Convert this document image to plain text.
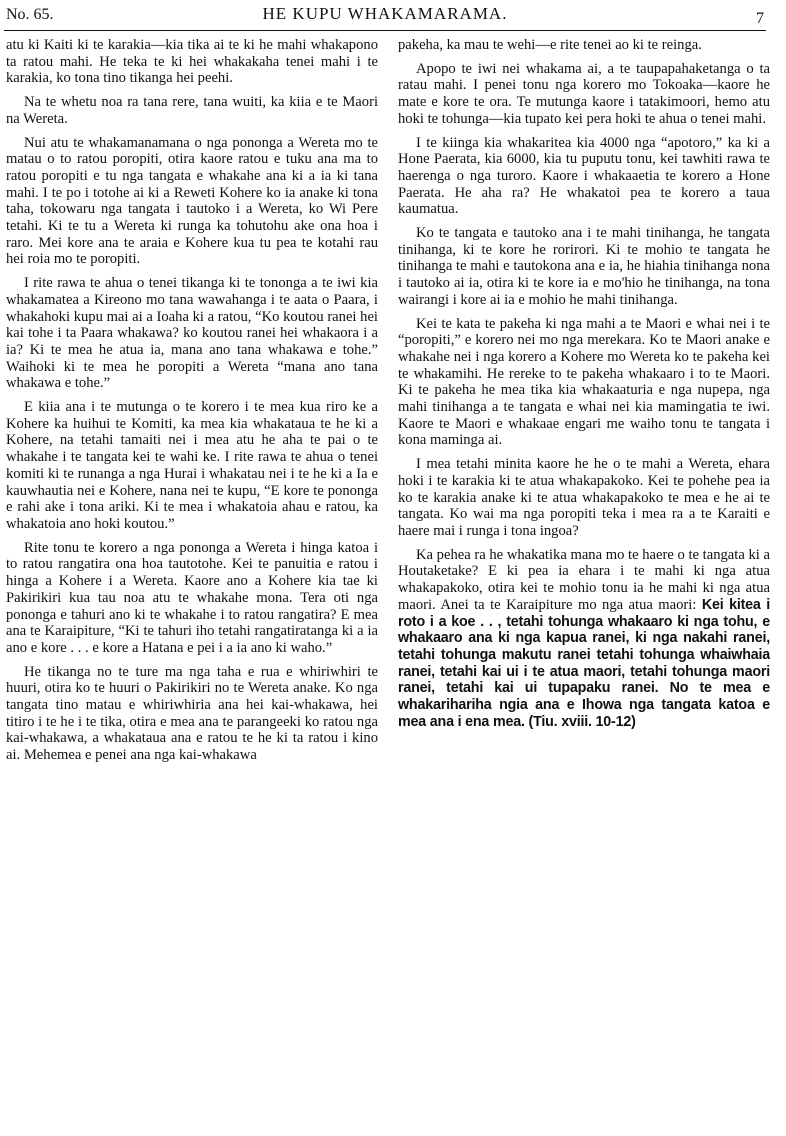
No. 65.	HE KUPU WHAKAMARAMA.	7

atu ki Kaiti ki te karakia—kia tika ai te ki he mahi whakapono ta ratou mahi. He teka te ki hei whakakaha tenei mahi i te karakia, ko tona tino tikanga hei peehi.

Na te whetu noa ra tana rere, tana wuiti, ka kiia e te Maori na Wereta.

Nui atu te whakamanamana o nga pononga a Wereta mo te matau o to ratou poropiti, otira kaore ratou e tuku ana ma to ratou poropiti e tu nga tangata e whakahe ana ki a ia ki tana mahi. I te po i totohe ai ki a Reweti Kohere ko ia anake ki tona taha, tokowaru nga tangata i tautoko i a Wereta, ko Wi Pere tetahi. Ki te tu a Wereta ki runga ka tohutohu ake ona hoa i raro. Mei kore ana te araia e Kohere kua tu pea te kotahi rau hei roia mo te poropiti.

I rite rawa te ahua o tenei tikanga ki te tononga a te iwi kia whakamatea a Kireono mo tana wawahanga i te aata o Paara, i whakahoki kupu mai ai a Ioaha ki a ratou, “Ko koutou ranei hei kai tohe i ta Paara whakawa? ko koutou ranei hei whakaora i a ia? Ki te mea he atua ia, mana ano tana whakawa e tohe.” Waihoki ki te mea he poropiti a Wereta “mana ano tana whakawa e tohe.”

E kiia ana i te mutunga o te korero i te mea kua riro ke a Kohere ka huihui te Komiti, ka mea kia whakataua te he ki a Kohere, na tetahi tamaiti nei i mea atu he aha te pai o te whakahe i te tangata kei te wahi ke. I rite rawa te ahua o tenei komiti ki te runanga a nga Hurai i whakatau nei i te he ki a Ia e kauwhautia nei e Kohere, nana nei te kupu, “E kore te pononga e rahi ake i tona ariki. Ki te mea i whakatoia ahau e ratou, ka whakatoia ano hoki koutou.”

Rite tonu te korero a nga pononga a Wereta i hinga katoa i to ratou rangatira ona hoa tautotohe. Kei te panuitia e ratou i hinga a Kohere i a Wereta. Kaore ano a Kohere kia tae ki Pakirikiri kua tau noa atu te whakahe mona. Tera oti nga pononga e tahuri ano ki te whakahe i to ratou rangatira? E mea ana te Karaipiture, “Ki te tahuri iho tetahi rangatiratanga ki a ia ano e kore . . . e kore a Hatana e pei i a ia ano ki waho.”

He tikanga no te ture ma nga taha e rua e whiriwhiri te huuri, otira ko te huuri o Pakirikiri no te Wereta anake. Ko nga tangata tino matau e whiriwhiria ana hei kai-whakawa, hei titiro i te he i te tika, otira e mea ana te parangeeki ko ratou nga kai-whakawa, a whakataua ana e ratou te he ki ta ratou i kino ai. Mehemea e penei ana nga kai-whakawa

pakeha, ka mau te wehi—e rite tenei ao ki te reinga.

Apopo te iwi nei whakama ai, a te taupapahaketanga o ta ratau mahi. I penei tonu nga korero mo Tokoaka—kaore he mate e kore te ora. Te mutunga kaore i tatakimoori, hemo atu hoki te tohunga—kia tupato kei pera hoki te ahua o tenei mahi.

I te kiinga kia whakaritea kia 4000 nga “apotoro,” ka ki a Hone Paerata, kia 6000, kia tu puputu tonu, kei tawhiti rawa te haerenga o nga turoro. Kaore i whakaaetia te korero a Hone Paerata. He aha ra? He whakatoi pea te korero a taua kaumatua.

Ko te tangata e tautoko ana i te mahi tinihanga, he tangata tinihanga, ki te kore he rorirori. Ki te mohio te tangata he tinihanga te mahi e tautokona ana e ia, he hiahia tinihanga nona i tautoko ai ia, otira ki te kore ia e mo'hio he tinihanga, na tona wairangi i kore ai ia e mohio he mahi tinihanga.

Kei te kata te pakeha ki nga mahi a te Maori e whai nei i te “poropiti,” e korero nei mo nga merekara. Ko te Maori anake e whakahe nei i nga korero a Kohere mo Wereta ko te pakeha kei te whakamihi. He rereke to te pakeha whakaaro i to te Maori. Ki te pakeha he mea tika kia whakaaturia e nga nupepa, nga mahi tinihanga a te tangata e whai nei kia mamingatia te iwi. Kaore te Maori e whakaae engari me waiho tonu te tangata i kona maminga ai.

I mea tetahi minita kaore he he o te mahi a Wereta, ehara hoki i te karakia ki te atua whakapakoko. Kei te pohehe pea ia ko te karakia anake ki te atua whakapakoko te mea e he ai te tangata. Ko wai ma nga poropiti teka i mea ra a te Karaiti e haere mai i runga i tona ingoa?

Ka pehea ra he whakatika mana mo te haere o te tangata ki a Houtaketake? E ki pea ia ehara i te mahi ki nga atua whakapakoko, otira kei te mohio tonu ia he mahi ki nga atua maori. Anei ta te Karaipiture mo nga atua maori: Kei kitea i roto i a koe . . , tetahi tohunga whakaaro ki nga tohu, e whakaaro ana ki nga kapua ranei, ki nga nakahi ranei, tetahi tohunga makutu ranei tetahi tohunga whaiwhaia ranei, tetahi kai ui i te atua maori, tetahi tohunga maori ranei, tetahi kai ui tupapaku ranei. No te mea e whakarihariha ngia ana e Ihowa nga tangata katoa e mea ana i ena mea. (Tiu. xviii. 10-12)
